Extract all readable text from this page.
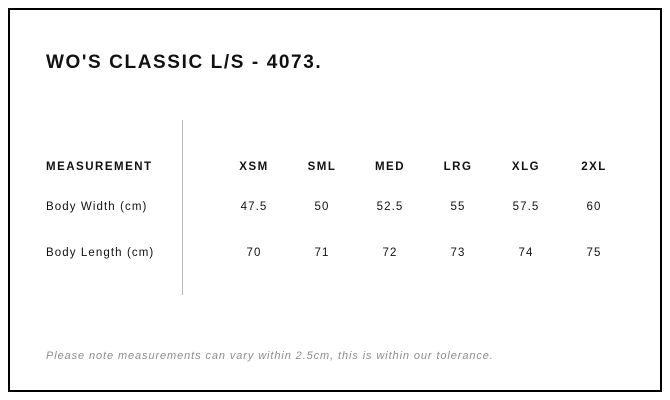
WO'S CLASSIC L/S - 4073.
MEASUREMENT	XSM	SML	MED	LRG	XLG	2XL
Body Width (cm)	47.5	50	52.5	55	57.5	60
Body Length (cm)	70	71	72	73	74	75
Please note measurements can vary within 2.5cm, this is within our tolerance.
